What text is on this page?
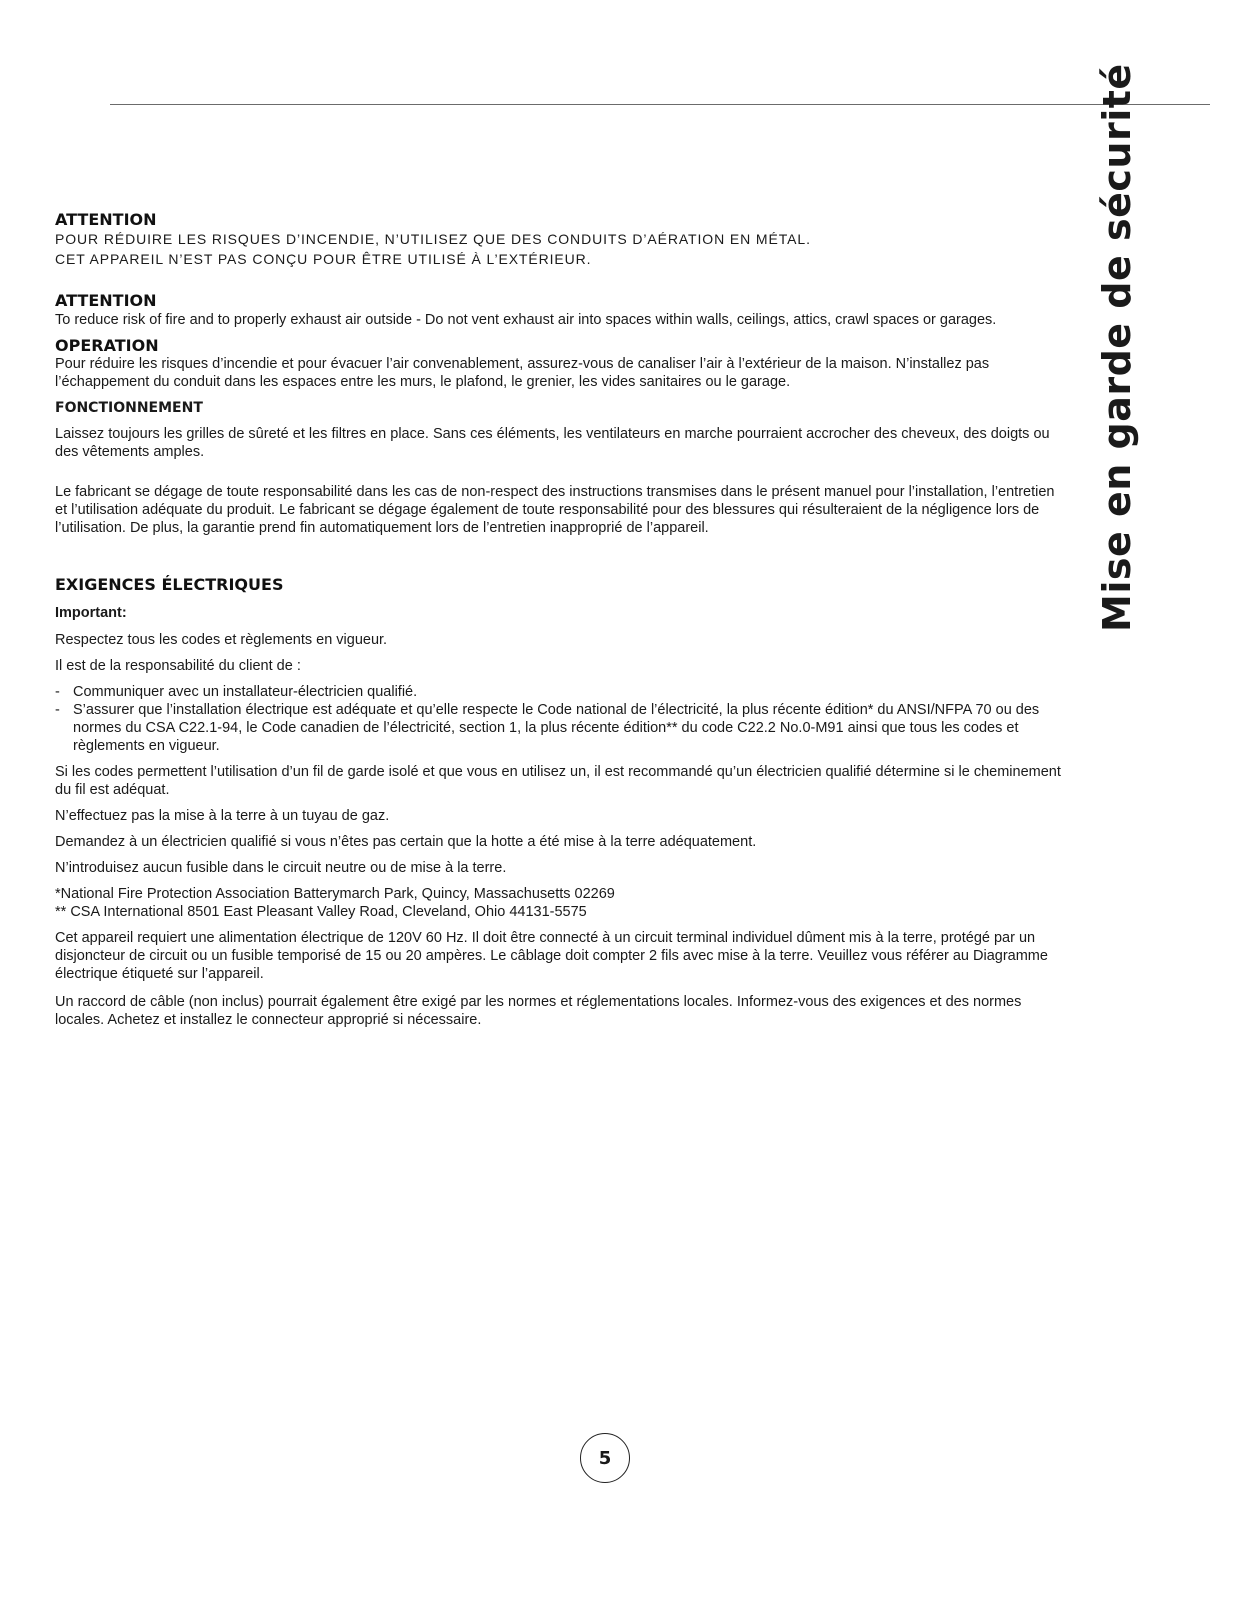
Mise en garde de sécurité
ATTENTION

POUR RÉDUIRE LES RISQUES D’INCENDIE, N’UTILISEZ QUE DES CONDUITS D’AÉRATION EN MÉTAL.

CET APPAREIL N’EST PAS CONÇU POUR ÊTRE UTILISÉ À L’EXTÉRIEUR.

ATTENTION

To reduce risk of fire and to properly exhaust air outside - Do not vent exhaust air into spaces within walls, ceilings, attics, crawl spaces or garages.

OPERATION

Pour réduire les risques d’incendie et pour évacuer l’air convenablement, assurez-vous de canaliser l’air à l’extérieur de la maison. N’installez pas l’échappement du conduit dans les espaces entre les murs, le plafond, le grenier, les vides sanitaires ou le garage.

FONCTIONNEMENT

Laissez toujours les grilles de sûreté et les filtres en place. Sans ces éléments, les ventilateurs en marche pourraient accrocher des cheveux, des doigts ou des vêtements amples.

Le fabricant se dégage de toute responsabilité dans les cas de non-respect des instructions transmises dans le présent manuel pour l’installation, l’entretien et l’utilisation adéquate du produit. Le fabricant se dégage également de toute responsabilité pour des blessures qui résulteraient de la négligence lors de l’utilisation. De plus, la garantie prend fin automatiquement lors de l’entretien inapproprié de l’appareil.

EXIGENCES ÉLECTRIQUES

Important:

Respectez tous les codes et règlements en vigueur.

Il est de la responsabilité du client de :

- Communiquer avec un installateur-électricien qualifié.
- S’assurer que l’installation électrique est adéquate et qu’elle respecte le Code national de l’électricité, la plus récente édition* du ANSI/NFPA 70 ou des normes du CSA C22.1-94, le Code canadien de l’électricité, section 1, la plus récente édition** du code C22.2 No.0-M91 ainsi que tous les codes et règlements en vigueur.

Si les codes permettent l’utilisation d’un fil de garde isolé et que vous en utilisez un, il est recommandé qu’un électricien qualifié détermine si le cheminement du fil est adéquat.

N’effectuez pas la mise à la terre à un tuyau de gaz.

Demandez à un électricien qualifié si vous n’êtes pas certain que la hotte a été mise à la terre adéquatement.

N’introduisez aucun fusible dans le circuit neutre ou de mise à la terre.

*National Fire Protection Association Batterymarch Park, Quincy, Massachusetts 02269

** CSA International 8501 East Pleasant Valley Road, Cleveland, Ohio 44131-5575

Cet appareil requiert une alimentation électrique de 120V 60 Hz. Il doit être connecté à un circuit terminal individuel dûment mis à la terre, protégé par un disjoncteur de circuit ou un fusible temporisé de 15 ou 20 ampères. Le câblage doit compter 2 fils avec mise à la terre. Veuillez vous référer au Diagramme électrique étiqueté sur l’appareil.

Un raccord de câble (non inclus) pourrait également être exigé par les normes et réglementations locales. Informez-vous des exigences et des normes locales. Achetez et installez le connecteur approprié si nécessaire.

5
